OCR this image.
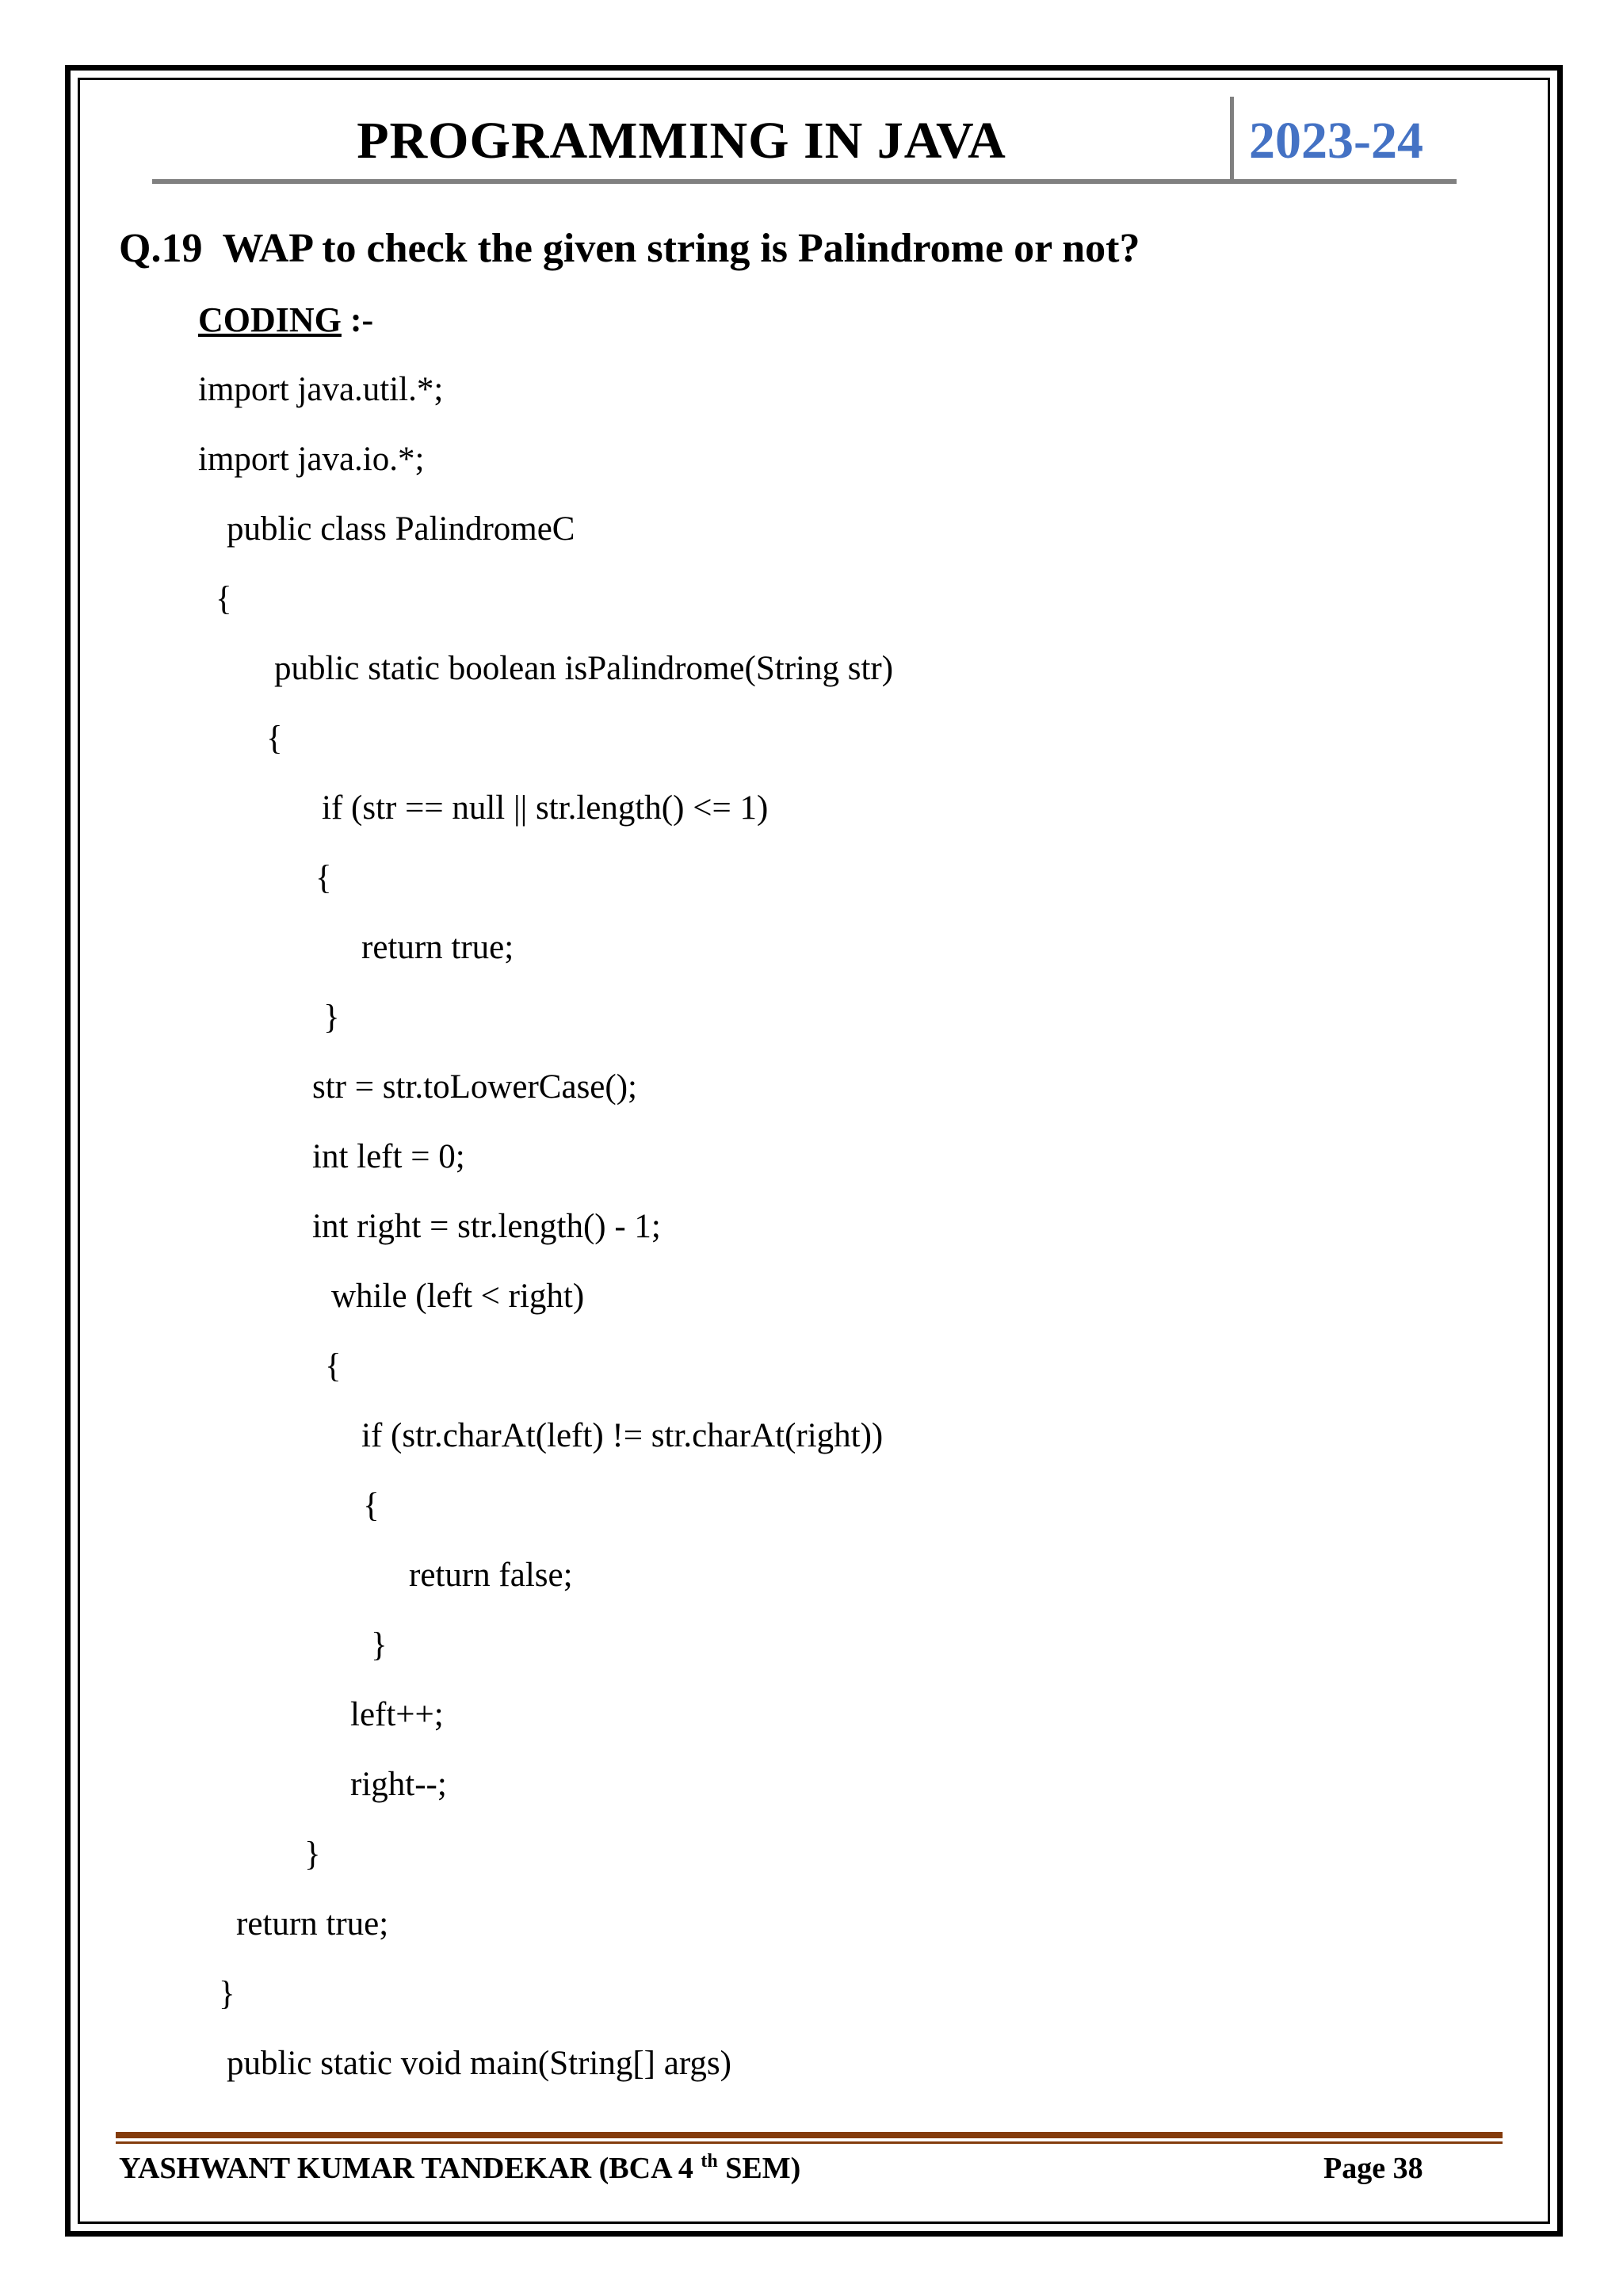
PROGRAMMING IN JAVA	2023-24
Q.19  WAP to check the given string is Palindrome or not?
CODING :-
import java.util.*;
import java.io.*;
public class PalindromeC
{
public static boolean isPalindrome(String str)
{
if (str == null || str.length() <= 1)
{
return true;
}
str = str.toLowerCase();
int left = 0;
int right = str.length() - 1;
while (left < right)
{
if (str.charAt(left) != str.charAt(right))
{
return false;
}
left++;
right--;
}
return true;
}
public static void main(String[] args)
YASHWANT KUMAR TANDEKAR (BCA 4 $^{th}$ SEM)	Page 38
